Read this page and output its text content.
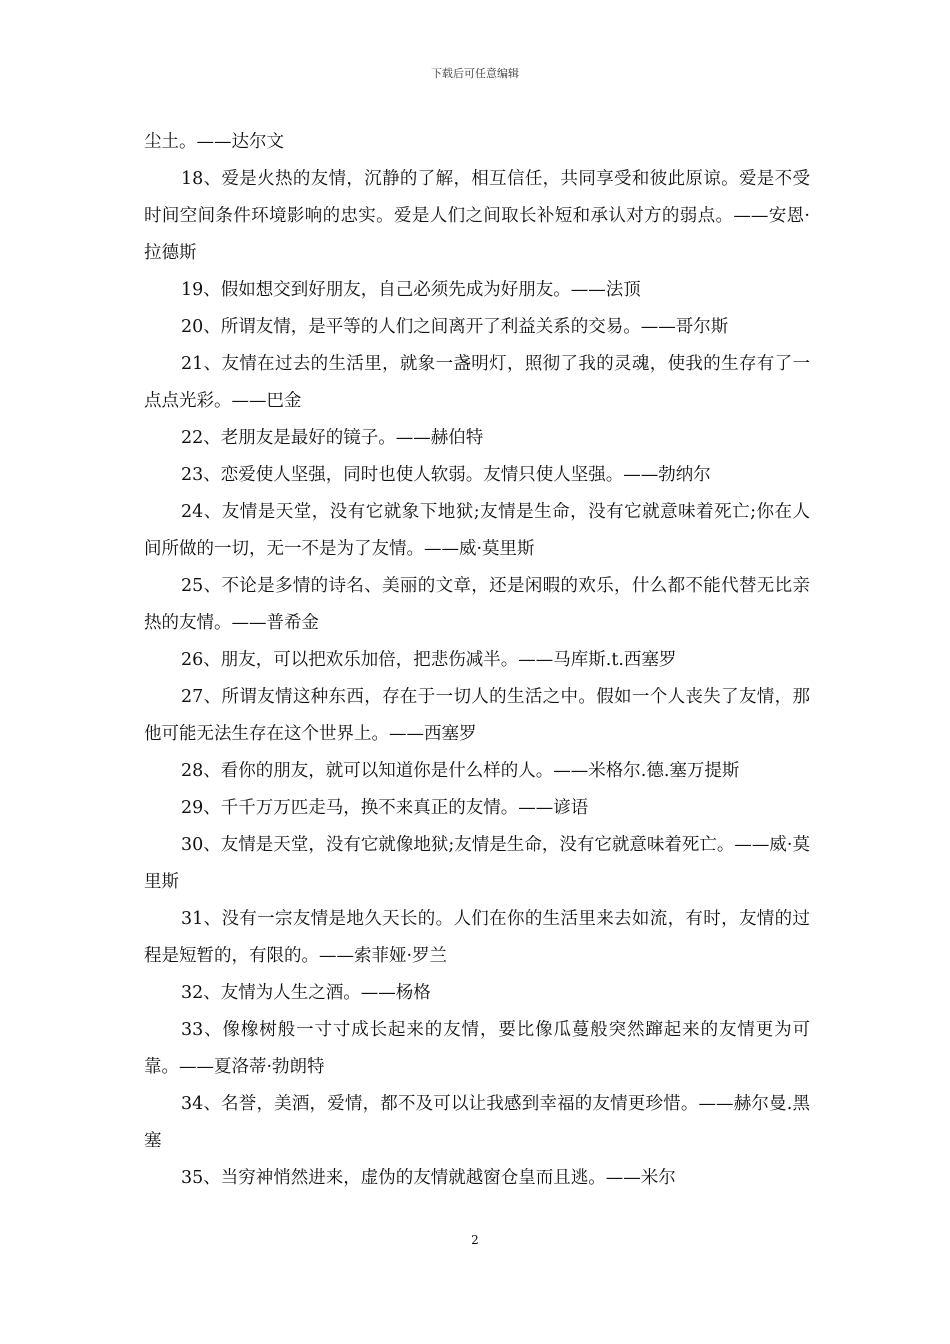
下载后可任意编辑

尘土。——达尔文

18、爱是火热的友情，沉静的了解，相互信任，共同享受和彼此原谅。爱是不受时间空间条件环境影响的忠实。爱是人们之间取长补短和承认对方的弱点。——安恩·拉德斯

19、假如想交到好朋友，自己必须先成为好朋友。——法顶

20、所谓友情，是平等的人们之间离开了利益关系的交易。——哥尔斯

21、友情在过去的生活里，就象一盏明灯，照彻了我的灵魂，使我的生存有了一点点光彩。——巴金

22、老朋友是最好的镜子。——赫伯特

23、恋爱使人坚强，同时也使人软弱。友情只使人坚强。——勃纳尔

24、友情是天堂，没有它就象下地狱;友情是生命，没有它就意味着死亡;你在人间所做的一切，无一不是为了友情。——威·莫里斯

25、不论是多情的诗名、美丽的文章，还是闲暇的欢乐，什么都不能代替无比亲热的友情。——普希金

26、朋友，可以把欢乐加倍，把悲伤减半。——马库斯.t.西塞罗

27、所谓友情这种东西，存在于一切人的生活之中。假如一个人丧失了友情，那他可能无法生存在这个世界上。——西塞罗

28、看你的朋友，就可以知道你是什么样的人。——米格尔.德.塞万提斯

29、千千万万匹走马，换不来真正的友情。——谚语

30、友情是天堂，没有它就像地狱;友情是生命，没有它就意味着死亡。——威·莫里斯

31、没有一宗友情是地久天长的。人们在你的生活里来去如流，有时，友情的过程是短暂的，有限的。——索菲娅·罗兰

32、友情为人生之酒。——杨格

33、像橡树般一寸寸成长起来的友情，要比像瓜蔓般突然蹿起来的友情更为可靠。——夏洛蒂·勃朗特

34、名誉，美酒，爱情，都不及可以让我感到幸福的友情更珍惜。——赫尔曼.黑塞

35、当穷神悄然进来，虚伪的友情就越窗仓皇而且逃。——米尔

2
